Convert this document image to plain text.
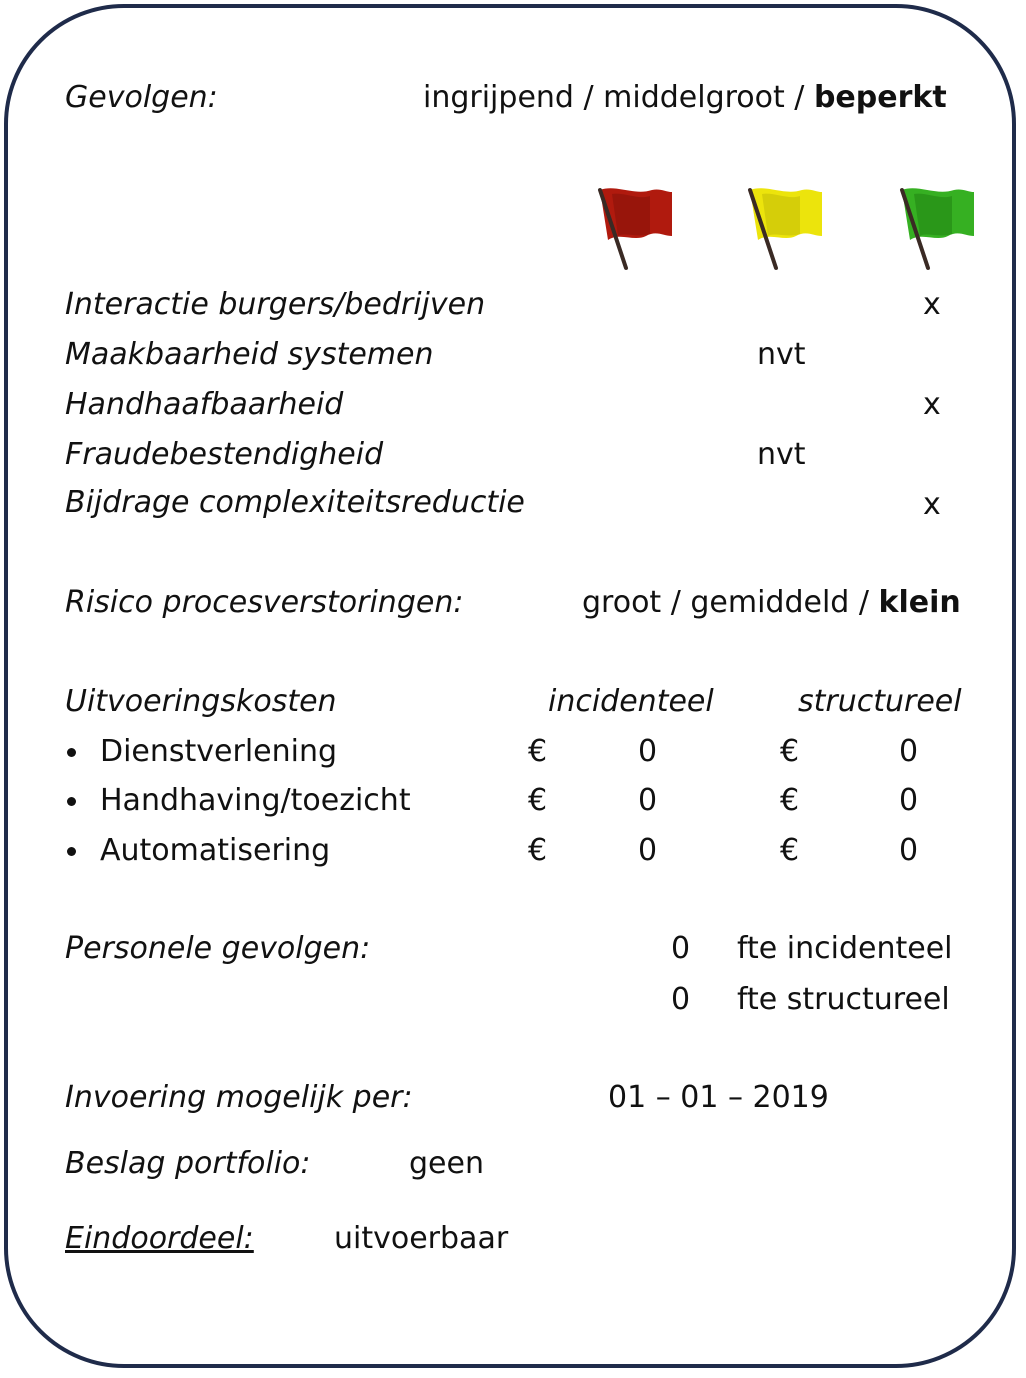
Gevolgen:	ingrijpend / middelgroot / beperkt
Interactie burgers/bedrijven	x
Maakbaarheid systemen	nvt
Handhaafbaarheid	x
Fraudebestendigheid	nvt
Bijdrage complexiteitsreductie	x
Risico procesverstoringen:	groot / gemiddeld / klein
Uitvoeringskosten	incidenteel	structureel
Dienstverlening	€	0	€	0
Handhaving/toezicht	€	0	€	0
Automatisering	€	0	€	0
Personele gevolgen:	0 fte incidenteel
0 fte structureel
Invoering mogelijk per:	01 – 01 – 2019
Beslag portfolio:	geen
Eindoordeel:	uitvoerbaar
